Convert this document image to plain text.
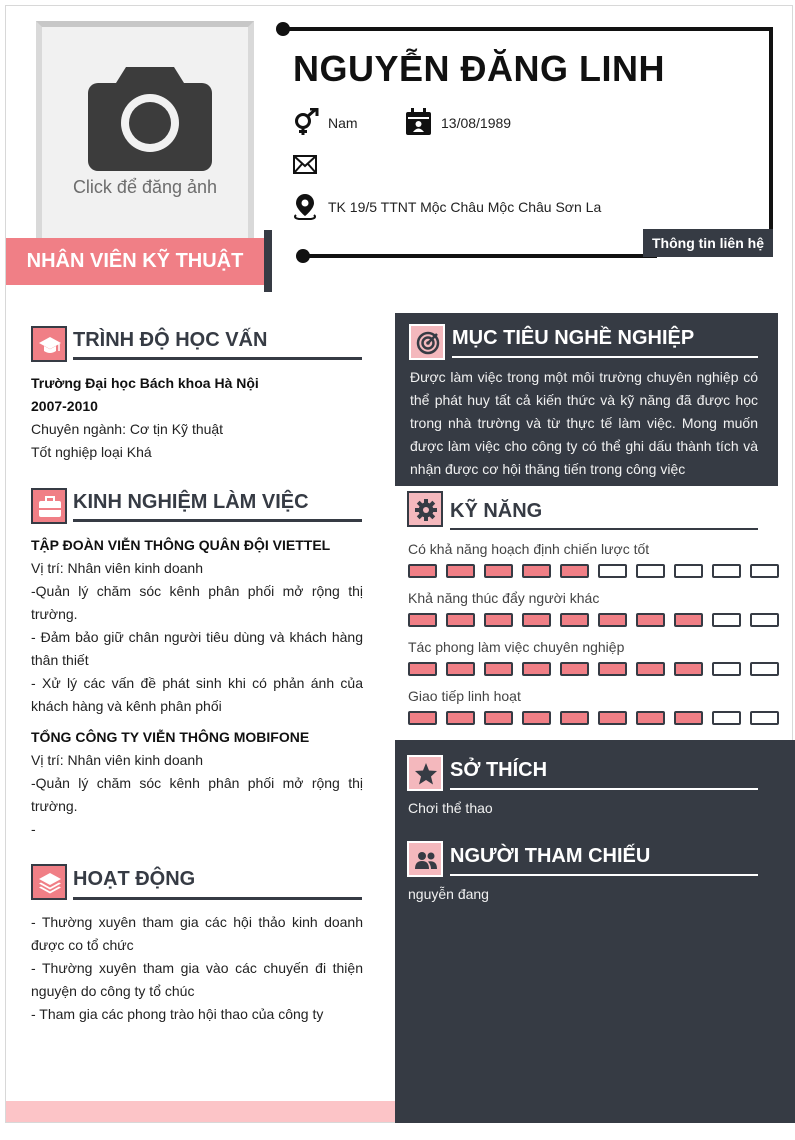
Click để đăng ảnh
NHÂN VIÊN KỸ THUẬT
Thông tin liên hệ
NGUYỄN ĐĂNG LINH
Nam	13/08/1989
TK 19/5 TTNT Mộc Châu Mộc Châu Sơn La
TRÌNH ĐỘ HỌC VẤN
Trường Đại học Bách khoa Hà Nội
2007-2010
Chuyên ngành: Cơ tịn Kỹ thuật
Tốt nghiệp loại Khá
KINH NGHIỆM LÀM VIỆC
TẬP ĐOÀN VIỄN THÔNG QUÂN ĐỘI VIETTEL
Vị trí: Nhân viên kinh doanh
-Quản lý chăm sóc kênh phân phối mở rộng thị trường.
- Đảm bảo giữ chân người tiêu dùng và khách hàng thân thiết
- Xử lý các vấn đề phát sinh khi có phản ánh của khách hàng và kênh phân phối
TỔNG CÔNG TY VIỄN THÔNG MOBIFONE
Vị trí: Nhân viên kinh doanh
-Quản lý chăm sóc kênh phân phối mở rộng thị trường.
-
HOẠT ĐỘNG
- Thường xuyên tham gia các hội thảo kinh doanh được co tổ chức
- Thường xuyên tham gia vào các chuyến đi thiện nguyện do công ty tổ chúc
- Tham gia các phong trào hội thao của công ty
MỤC TIÊU NGHỀ NGHIỆP
Được làm việc trong một môi trường chuyên nghiệp có thể phát huy tất cả kiến thức và kỹ năng đã được học trong nhà trường và từ thực tế làm việc. Mong muốn được làm việc cho công ty có thể ghi dấu thành tích và nhận được cơ hội thăng tiến trong công việc
KỸ NĂNG
Có khả năng hoạch định chiến lược tốt
Khả năng thúc đẩy người khác
Tác phong làm việc chuyên nghiệp
Giao tiếp linh hoạt
SỞ THÍCH
Chơi thể thao
NGƯỜI THAM CHIẾU
nguyễn đang
